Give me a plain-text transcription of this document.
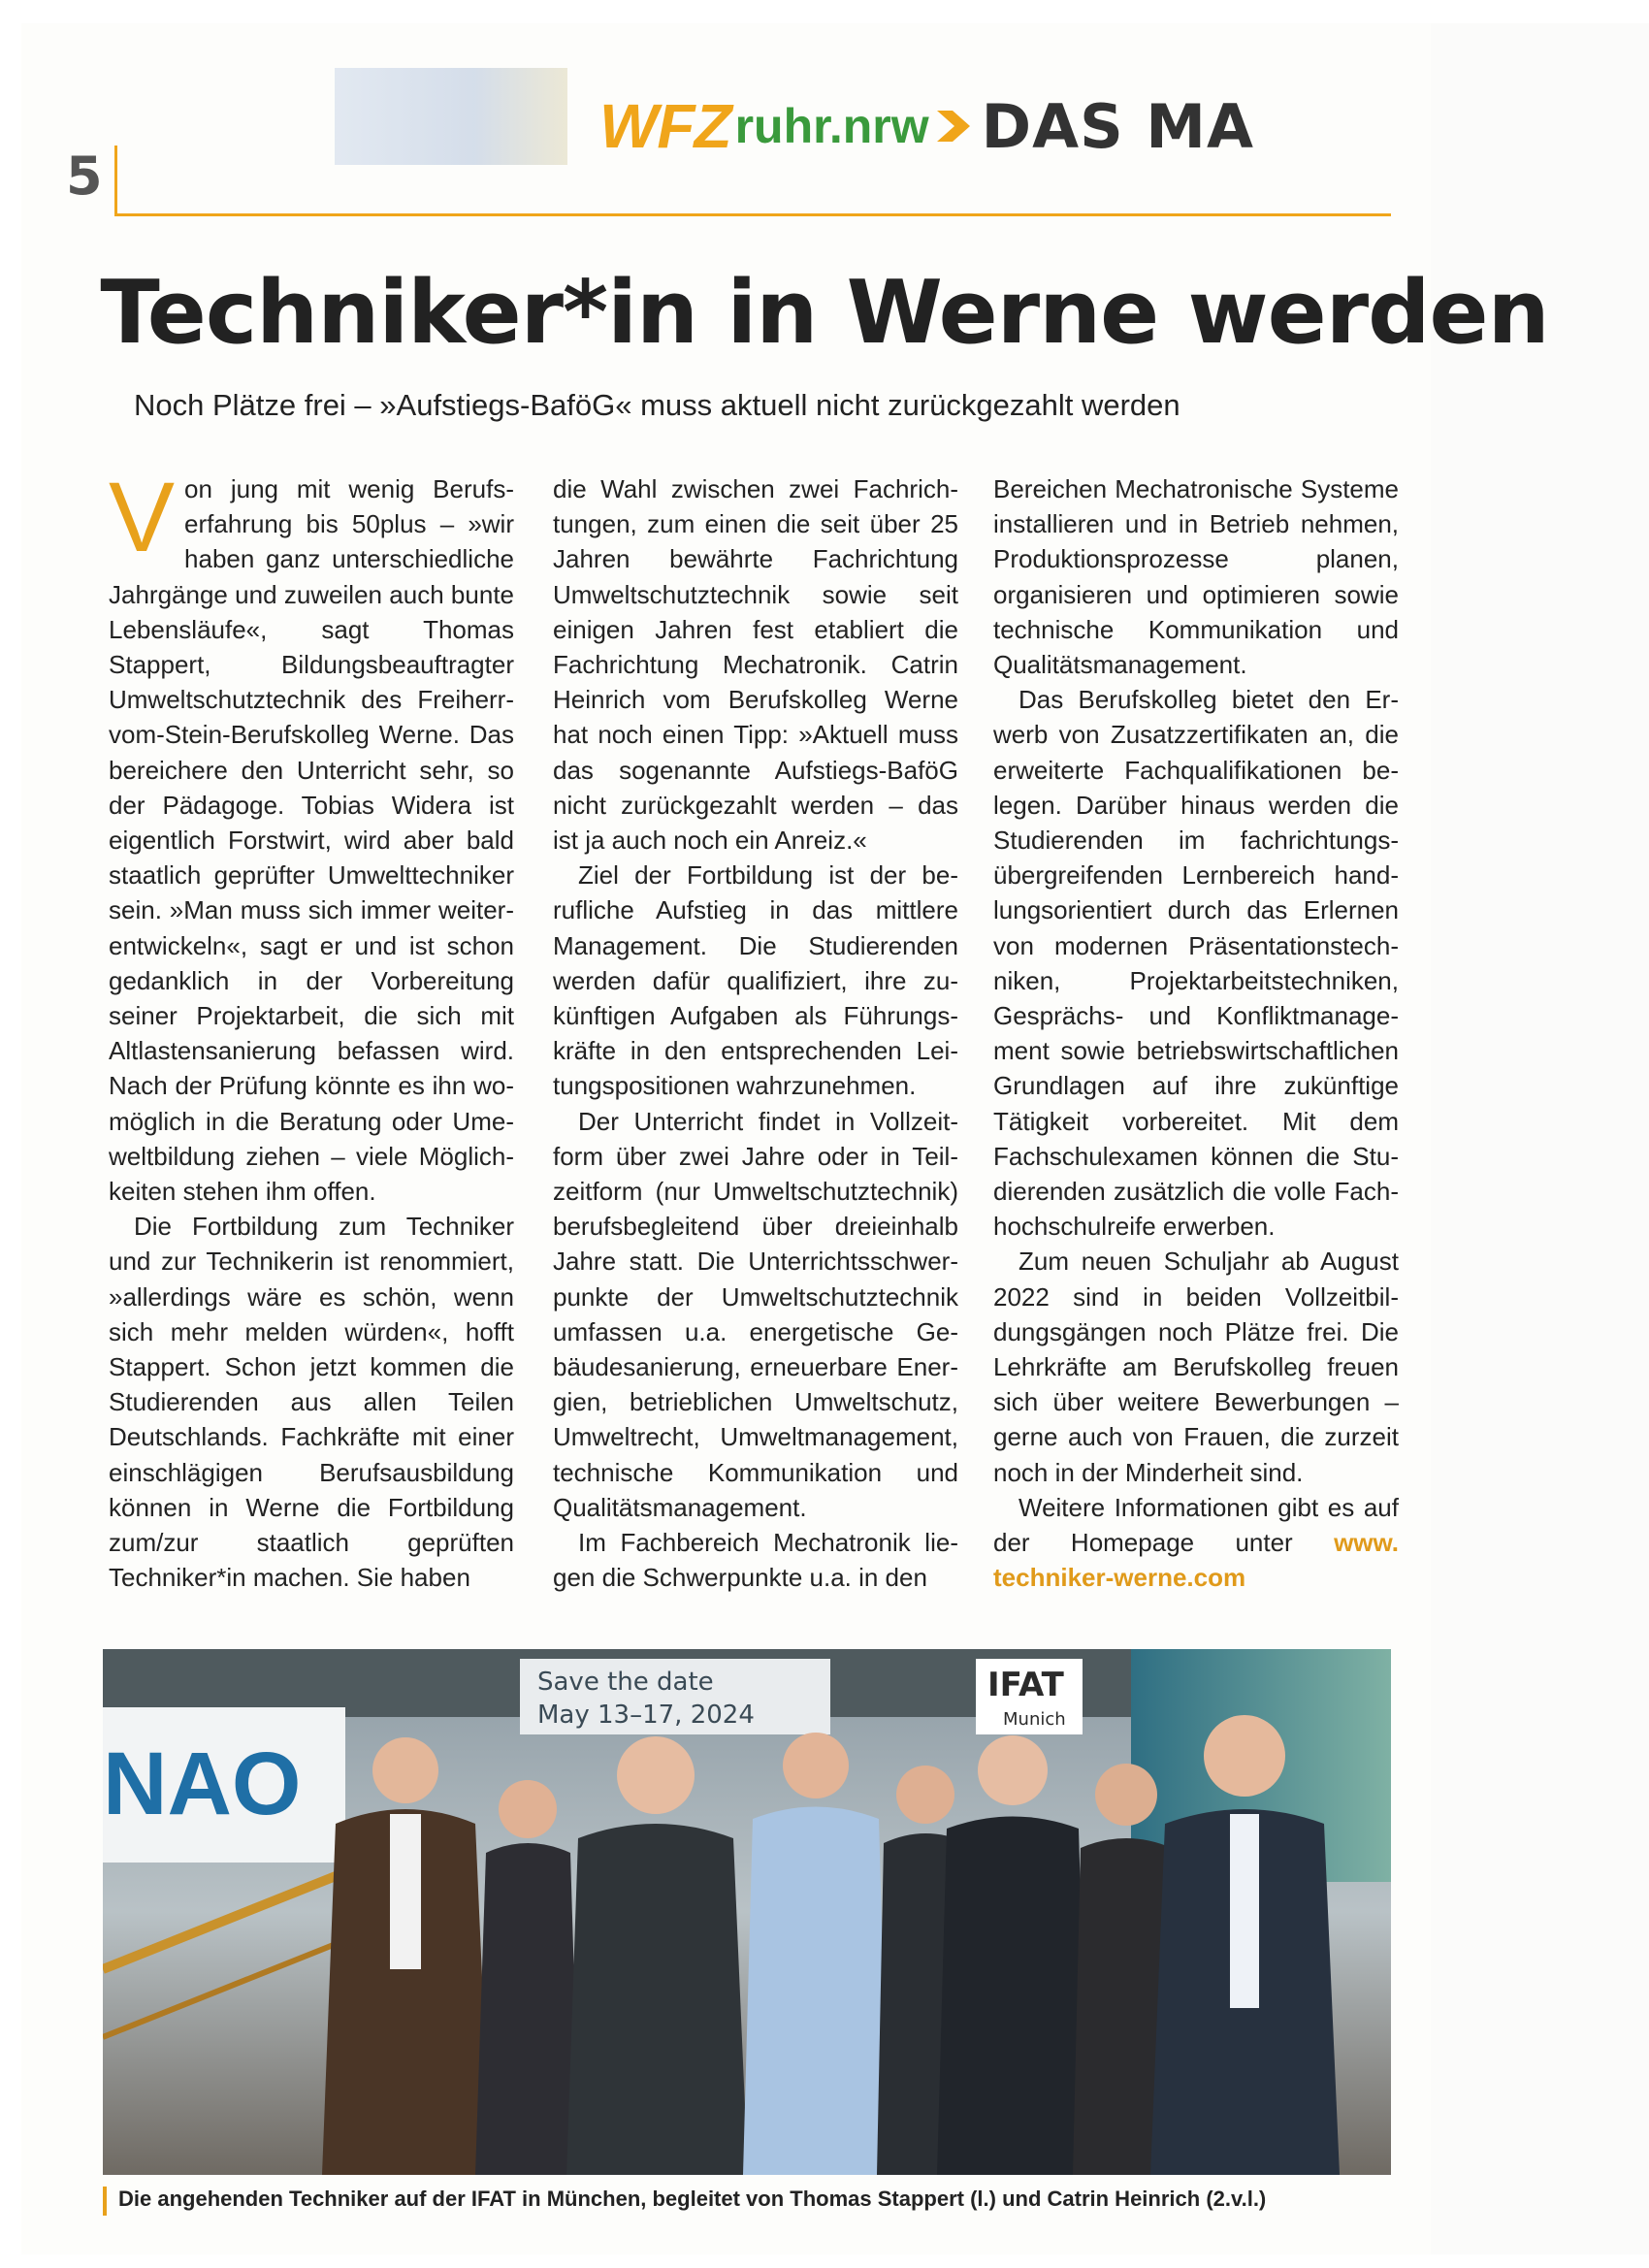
WFZ ruhr.nrw DAS MA
5
Techniker*in in Werne werden

Noch Plätze frei – »Aufstiegs-BaföG« muss aktuell nicht zurückgezahlt werden

Von jung mit wenig Berufserfahrung bis 50plus – »wir haben ganz unterschiedliche Jahrgänge und zuweilen auch bunte Lebensläufe«, sagt Thomas Stappert, Bildungsbeauftragter Umweltschutztechnik des Freiherr-vom-Stein-Berufskolleg Werne. Das bereichere den Unterricht sehr, so der Pädagoge. Tobias Widera ist eigentlich Forstwirt, wird aber bald staatlich geprüfter Umwelttechniker sein. »Man muss sich immer weiterentwickeln«, sagt er und ist schon gedanklich in der Vorbereitung seiner Projektarbeit, die sich mit Altlastensanierung befassen wird. Nach der Prüfung könnte es ihn womöglich in die Beratung oder Umeweltbildung ziehen – viele Möglichkeiten stehen ihm offen.

Die Fortbildung zum Techniker und zur Technikerin ist renommiert, »allerdings wäre es schön, wenn sich mehr melden würden«, hofft Stappert. Schon jetzt kommen die Studierenden aus allen Teilen Deutschlands. Fachkräfte mit einer einschlägigen Berufsausbildung können in Werne die Fortbildung zum/zur staatlich geprüften Techniker*in machen. Sie haben

die Wahl zwischen zwei Fachrichtungen, zum einen die seit über 25 Jahren bewährte Fachrichtung Umweltschutztechnik sowie seit einigen Jahren fest etabliert die Fachrichtung Mechatronik. Catrin Heinrich vom Berufskolleg Werne hat noch einen Tipp: »Aktuell muss das sogenannte Aufstiegs-BaföG nicht zurückgezahlt werden – das ist ja auch noch ein Anreiz.«

Ziel der Fortbildung ist der berufliche Aufstieg in das mittlere Management. Die Studierenden werden dafür qualifiziert, ihre zukünftigen Aufgaben als Führungskräfte in den entsprechenden Leitungspositionen wahrzunehmen.

Der Unterricht findet in Vollzeitform über zwei Jahre oder in Teilzeitform (nur Umweltschutztechnik) berufsbegleitend über dreieinhalb Jahre statt. Die Unterrichtsschwerpunkte der Umweltschutztechnik umfassen u.a. energetische Gebäudesanierung, erneuerbare Energien, betrieblichen Umweltschutz, Umweltrecht, Umweltmanagement, technische Kommunikation und Qualitätsmanagement.

Im Fachbereich Mechatronik liegen die Schwerpunkte u.a. in den

Bereichen Mechatronische Systeme installieren und in Betrieb nehmen, Produktionsprozesse planen, organisieren und optimieren sowie technische Kommunikation und Qualitätsmanagement.

Das Berufskolleg bietet den Erwerb von Zusatzzertifikaten an, die erweiterte Fachqualifikationen belegen. Darüber hinaus werden die Studierenden im fachrichtungsübergreifenden Lernbereich handlungsorientiert durch das Erlernen von modernen Präsentationstechniken, Projektarbeitstechniken, Gesprächs- und Konfliktmanagement sowie betriebswirtschaftlichen Grundlagen auf ihre zukünftige Tätigkeit vorbereitet. Mit dem Fachschulexamen können die Studierenden zusätzlich die volle Fachhochschulreife erwerben.

Zum neuen Schuljahr ab August 2022 sind in beiden Vollzeitbildungsgängen noch Plätze frei. Die Lehrkräfte am Berufskolleg freuen sich über weitere Bewerbungen – gerne auch von Frauen, die zurzeit noch in der Minderheit sind.

Weitere Informationen gibt es auf der Homepage unter www. techniker-werne.com

NAO
Save the date
May 13–17, 2024
IFAT
Munich

Die angehenden Techniker auf der IFAT in München, begleitet von Thomas Stappert (l.) und Catrin Heinrich (2.v.l.)
